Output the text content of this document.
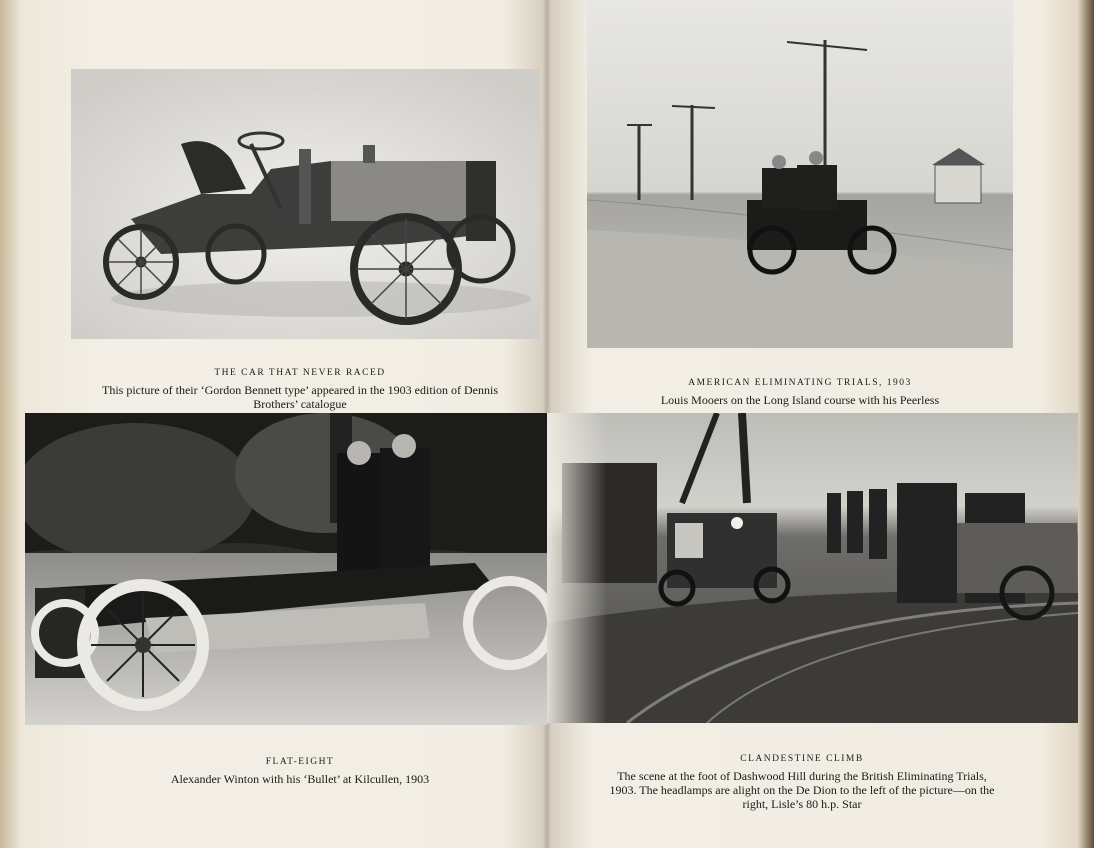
THE CAR THAT NEVER RACED
This picture of their ‘Gordon Bennett type’ appeared in the 1903 edition of Dennis Brothers’ catalogue
FLAT-EIGHT
Alexander Winton with his ‘Bullet’ at Kilcullen, 1903
AMERICAN ELIMINATING TRIALS, 1903
Louis Mooers on the Long Island course with his Peerless
CLANDESTINE CLIMB
The scene at the foot of Dashwood Hill during the British Eliminating Trials, 1903. The headlamps are alight on the De Dion to the left of the picture—on the right, Lisle’s 80 h.p. Star
